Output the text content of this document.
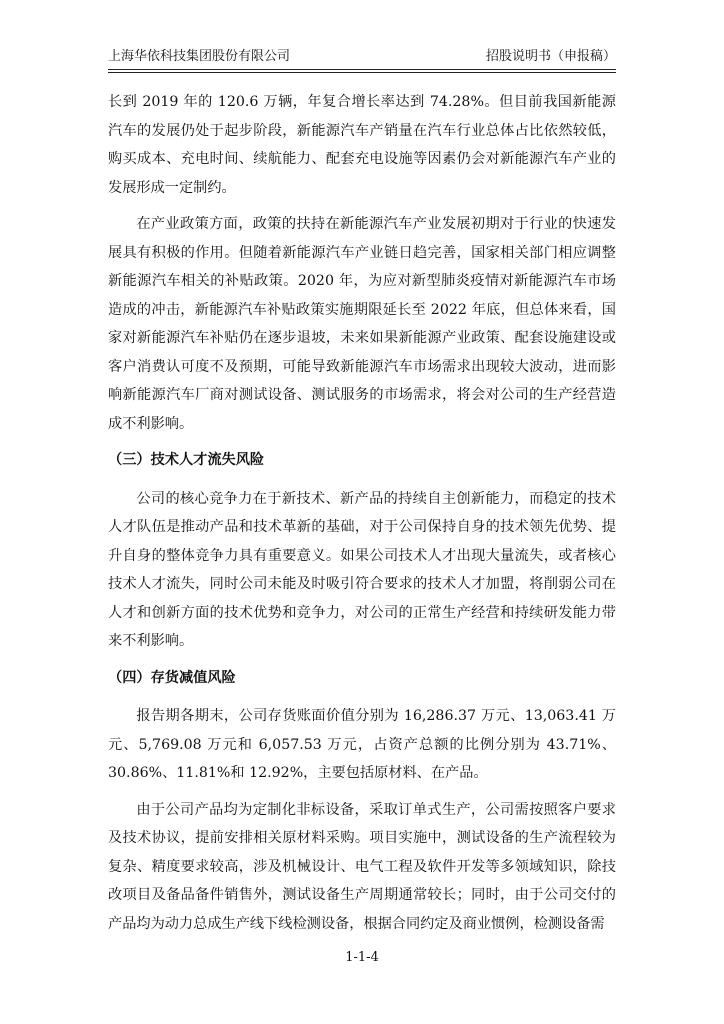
上海华依科技集团股份有限公司	招股说明书（申报稿）

长到 2019 年的 120.6 万辆，年复合增长率达到 74.28%。但目前我国新能源汽车的发展仍处于起步阶段，新能源汽车产销量在汽车行业总体占比依然较低，购买成本、充电时间、续航能力、配套充电设施等因素仍会对新能源汽车产业的发展形成一定制约。

在产业政策方面，政策的扶持在新能源汽车产业发展初期对于行业的快速发展具有积极的作用。但随着新能源汽车产业链日趋完善，国家相关部门相应调整新能源汽车相关的补贴政策。2020 年，为应对新型肺炎疫情对新能源汽车市场造成的冲击，新能源汽车补贴政策实施期限延长至 2022 年底，但总体来看，国家对新能源汽车补贴仍在逐步退坡，未来如果新能源产业政策、配套设施建设或客户消费认可度不及预期，可能导致新能源汽车市场需求出现较大波动，进而影响新能源汽车厂商对测试设备、测试服务的市场需求，将会对公司的生产经营造成不利影响。

（三）技术人才流失风险

公司的核心竞争力在于新技术、新产品的持续自主创新能力，而稳定的技术人才队伍是推动产品和技术革新的基础，对于公司保持自身的技术领先优势、提升自身的整体竞争力具有重要意义。如果公司技术人才出现大量流失，或者核心技术人才流失，同时公司未能及时吸引符合要求的技术人才加盟，将削弱公司在人才和创新方面的技术优势和竞争力，对公司的正常生产经营和持续研发能力带来不利影响。

（四）存货减值风险

报告期各期末，公司存货账面价值分别为 16,286.37 万元、13,063.41 万元、5,769.08 万元和 6,057.53 万元，占资产总额的比例分别为 43.71%、30.86%、11.81%和 12.92%，主要包括原材料、在产品。

由于公司产品均为定制化非标设备，采取订单式生产，公司需按照客户要求及技术协议，提前安排相关原材料采购。项目实施中，测试设备的生产流程较为复杂、精度要求较高，涉及机械设计、电气工程及软件开发等多领域知识，除技改项目及备品备件销售外，测试设备生产周期通常较长；同时，由于公司交付的产品均为动力总成生产线下线检测设备，根据合同约定及商业惯例，检测设备需

1-1-4
